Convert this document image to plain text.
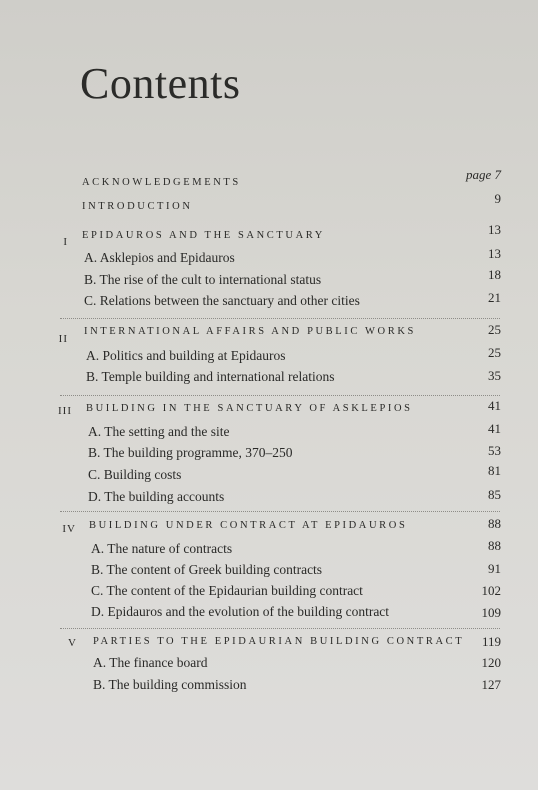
Contents
ACKNOWLEDGEMENTS
page 7
INTRODUCTION
9
I
EPIDAUROS AND THE SANCTUARY	13
A. Asklepios and Epidauros	13
B. The rise of the cult to international status	18
C. Relations between the sanctuary and other cities	21
II
INTERNATIONAL AFFAIRS AND PUBLIC WORKS	25
A. Politics and building at Epidauros	25
B. Temple building and international relations	35
III BUILDING IN THE SANCTUARY OF ASKLEPIOS	41
A. The setting and the site	41
B. The building programme, 370–250	53
C. Building costs	81
D. The building accounts	85
IV BUILDING UNDER CONTRACT AT EPIDAUROS	88
A. The nature of contracts	88
B. The content of Greek building contracts	91
C. The content of the Epidaurian building contract	102
D. Epidauros and the evolution of the building contract	109
V PARTIES TO THE EPIDAURIAN BUILDING CONTRACT 119
A. The finance board	120
B. The building commission	127
